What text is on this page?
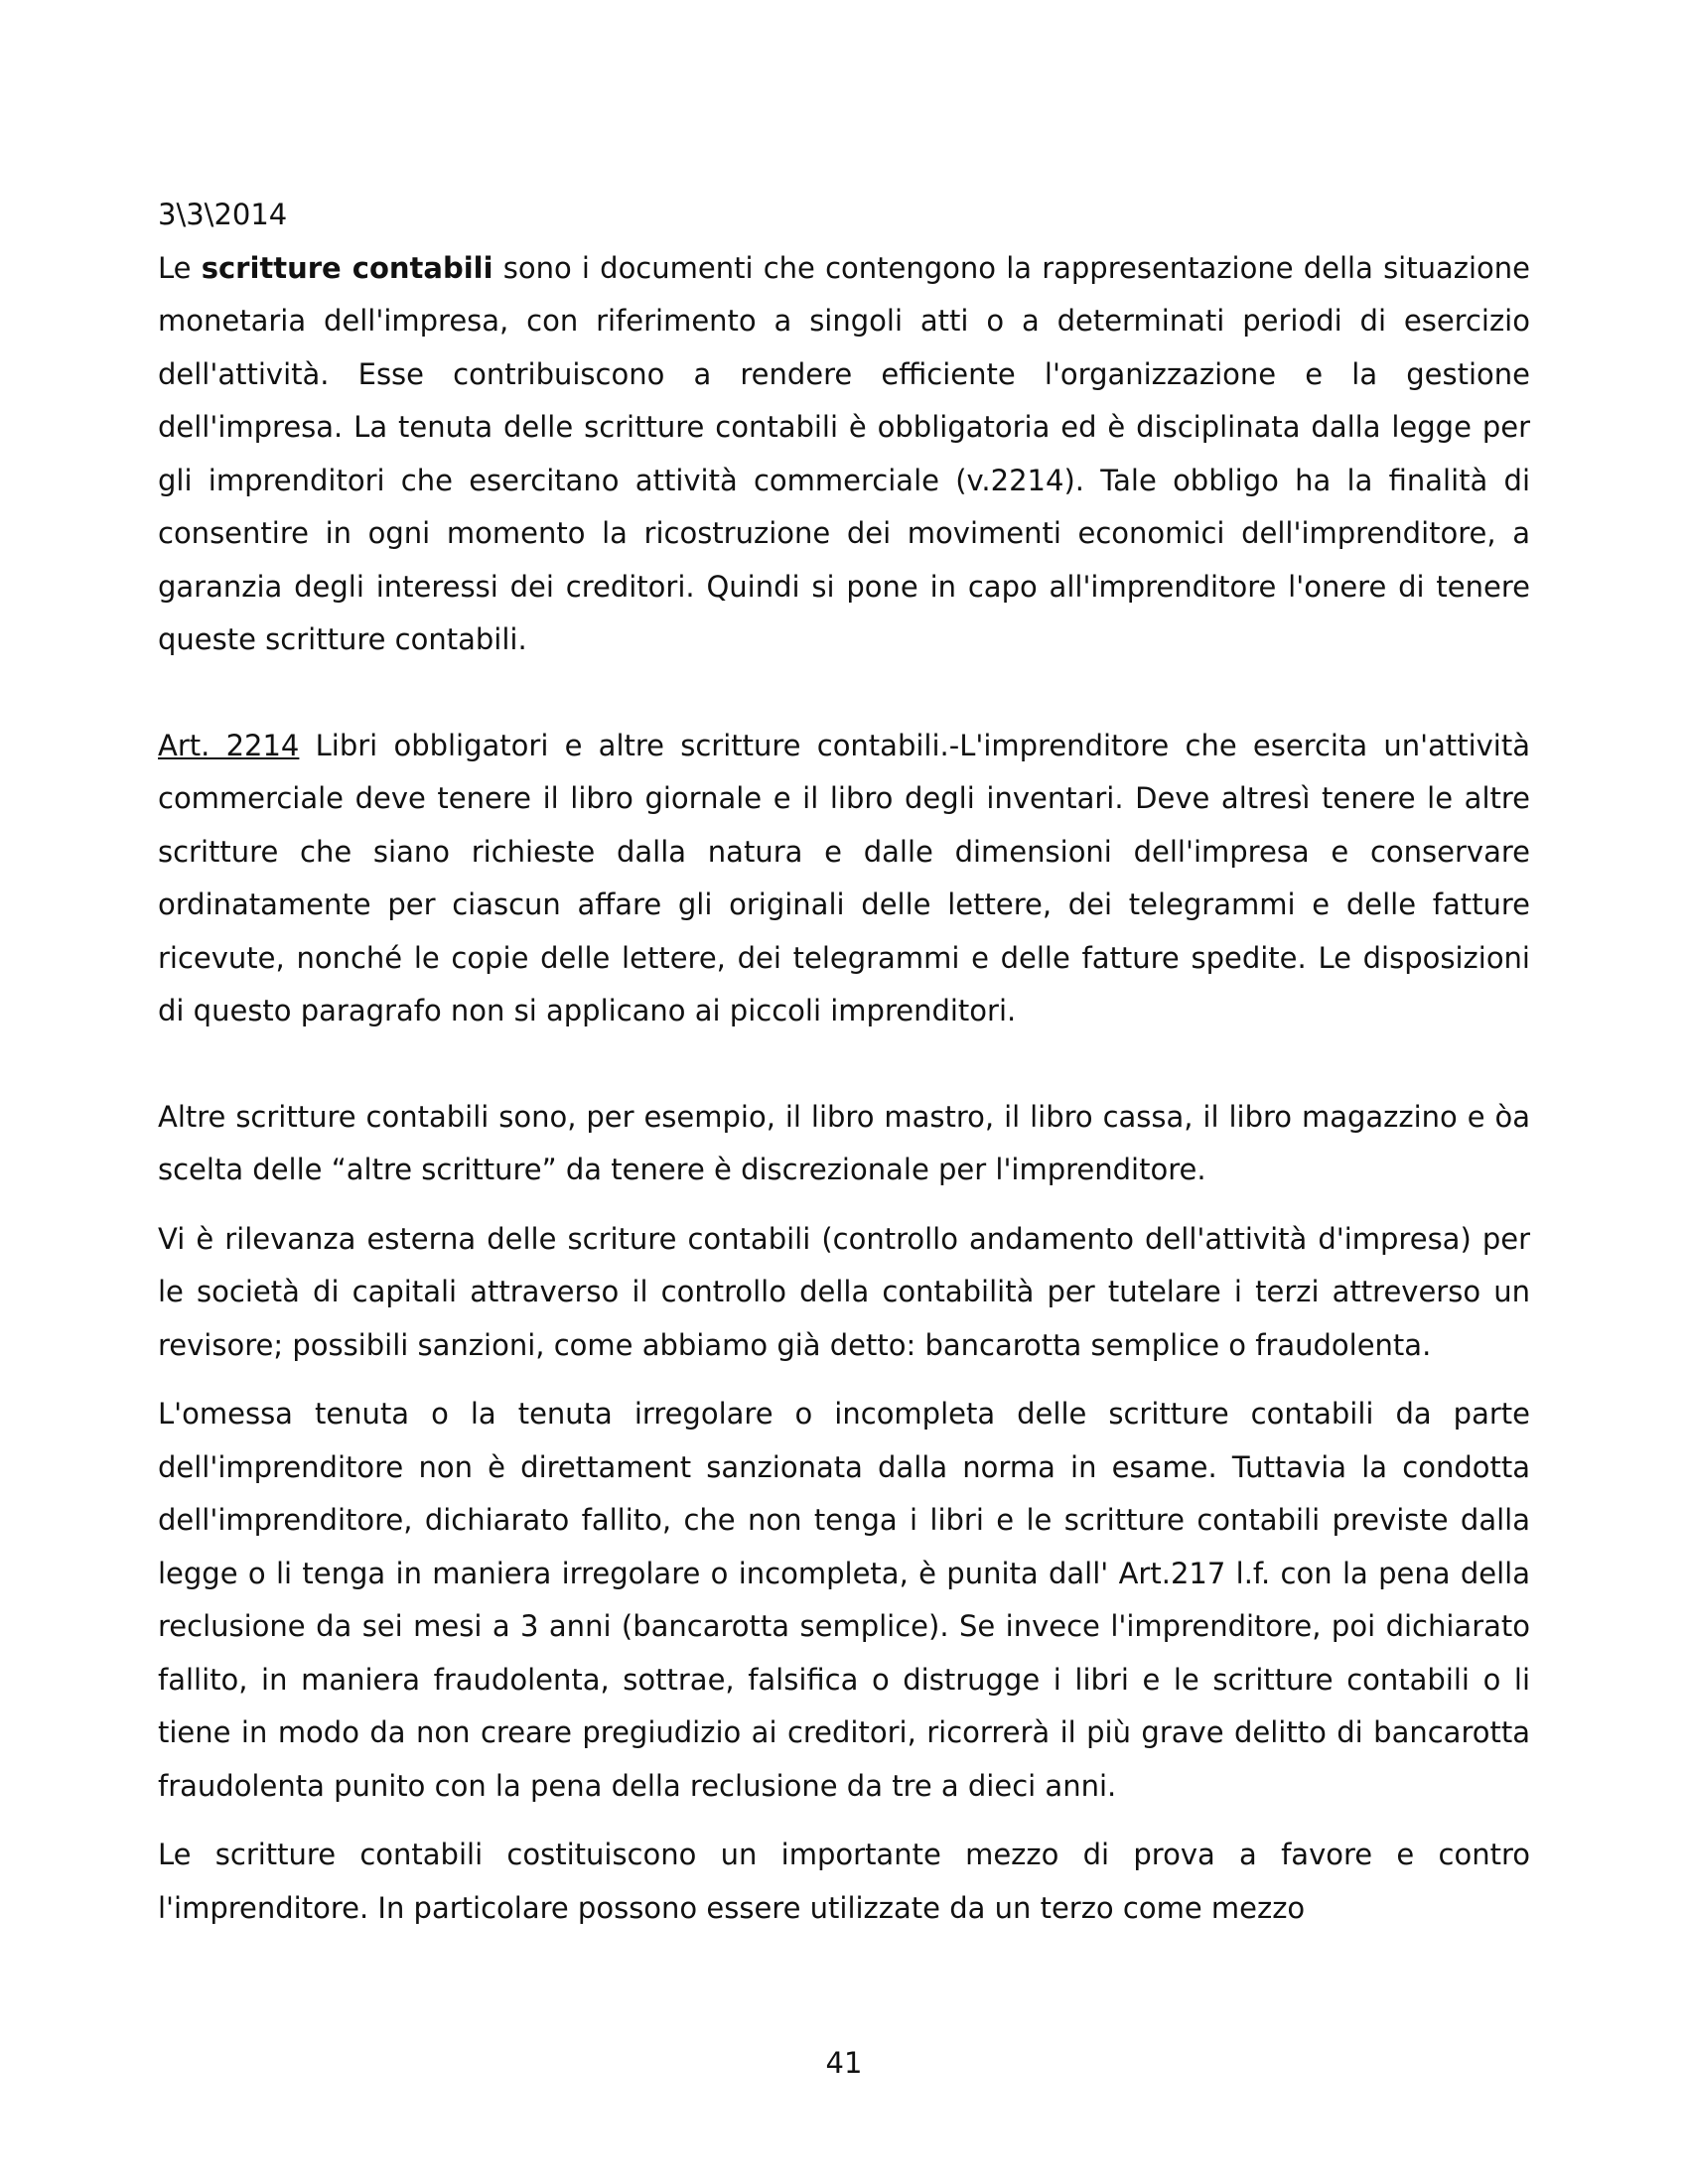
3\3\2014

Le scritture contabili sono i documenti che contengono la rappresentazione della situazione monetaria dell'impresa, con riferimento a singoli atti o a determinati periodi di esercizio dell'attività. Esse contribuiscono a rendere efficiente l'organizzazione e la gestione dell'impresa. La tenuta delle scritture contabili è obbligatoria ed è disciplinata dalla legge per gli imprenditori che esercitano attività commerciale (v.2214). Tale obbligo ha la finalità di consentire in ogni momento la ricostruzione dei movimenti economici dell'imprenditore, a garanzia degli interessi dei creditori. Quindi si pone in capo all'imprenditore l'onere di tenere queste scritture contabili.

Art. 2214 Libri obbligatori e altre scritture contabili.-L'imprenditore che esercita un'attività commerciale deve tenere il libro giornale e il libro degli inventari. Deve altresì tenere le altre scritture che siano richieste dalla natura e dalle dimensioni dell'impresa e conservare ordinatamente per ciascun affare gli originali delle lettere, dei telegrammi e delle fatture ricevute, nonché le copie delle lettere, dei telegrammi e delle fatture spedite. Le disposizioni di questo paragrafo non si applicano ai piccoli imprenditori.

Altre scritture contabili sono, per esempio, il libro mastro, il libro cassa, il libro magazzino e òa scelta delle “altre scritture” da tenere è discrezionale per l'imprenditore.

Vi è rilevanza esterna delle scriture contabili (controllo andamento dell'attività d'impresa) per le società di capitali attraverso il controllo della contabilità per tutelare i terzi attreverso un revisore; possibili sanzioni, come abbiamo già detto: bancarotta semplice o fraudolenta.

L'omessa tenuta o la tenuta irregolare o incompleta delle scritture contabili da parte dell'imprenditore non è direttament sanzionata dalla norma in esame. Tuttavia la condotta dell'imprenditore, dichiarato fallito, che non tenga i libri e le scritture contabili previste dalla legge o li tenga in maniera irregolare o incompleta, è punita dall' Art.217 l.f. con la pena della reclusione da sei mesi a 3 anni (bancarotta semplice). Se invece l'imprenditore, poi dichiarato fallito, in maniera fraudolenta, sottrae, falsifica o distrugge i libri e le scritture contabili o li tiene in modo da non creare pregiudizio ai creditori, ricorrerà il più grave delitto di bancarotta fraudolenta punito con la pena della reclusione da tre a dieci anni.

Le scritture contabili costituiscono un importante mezzo di prova a favore e contro l'imprenditore. In particolare possono essere utilizzate da un terzo come mezzo

41
